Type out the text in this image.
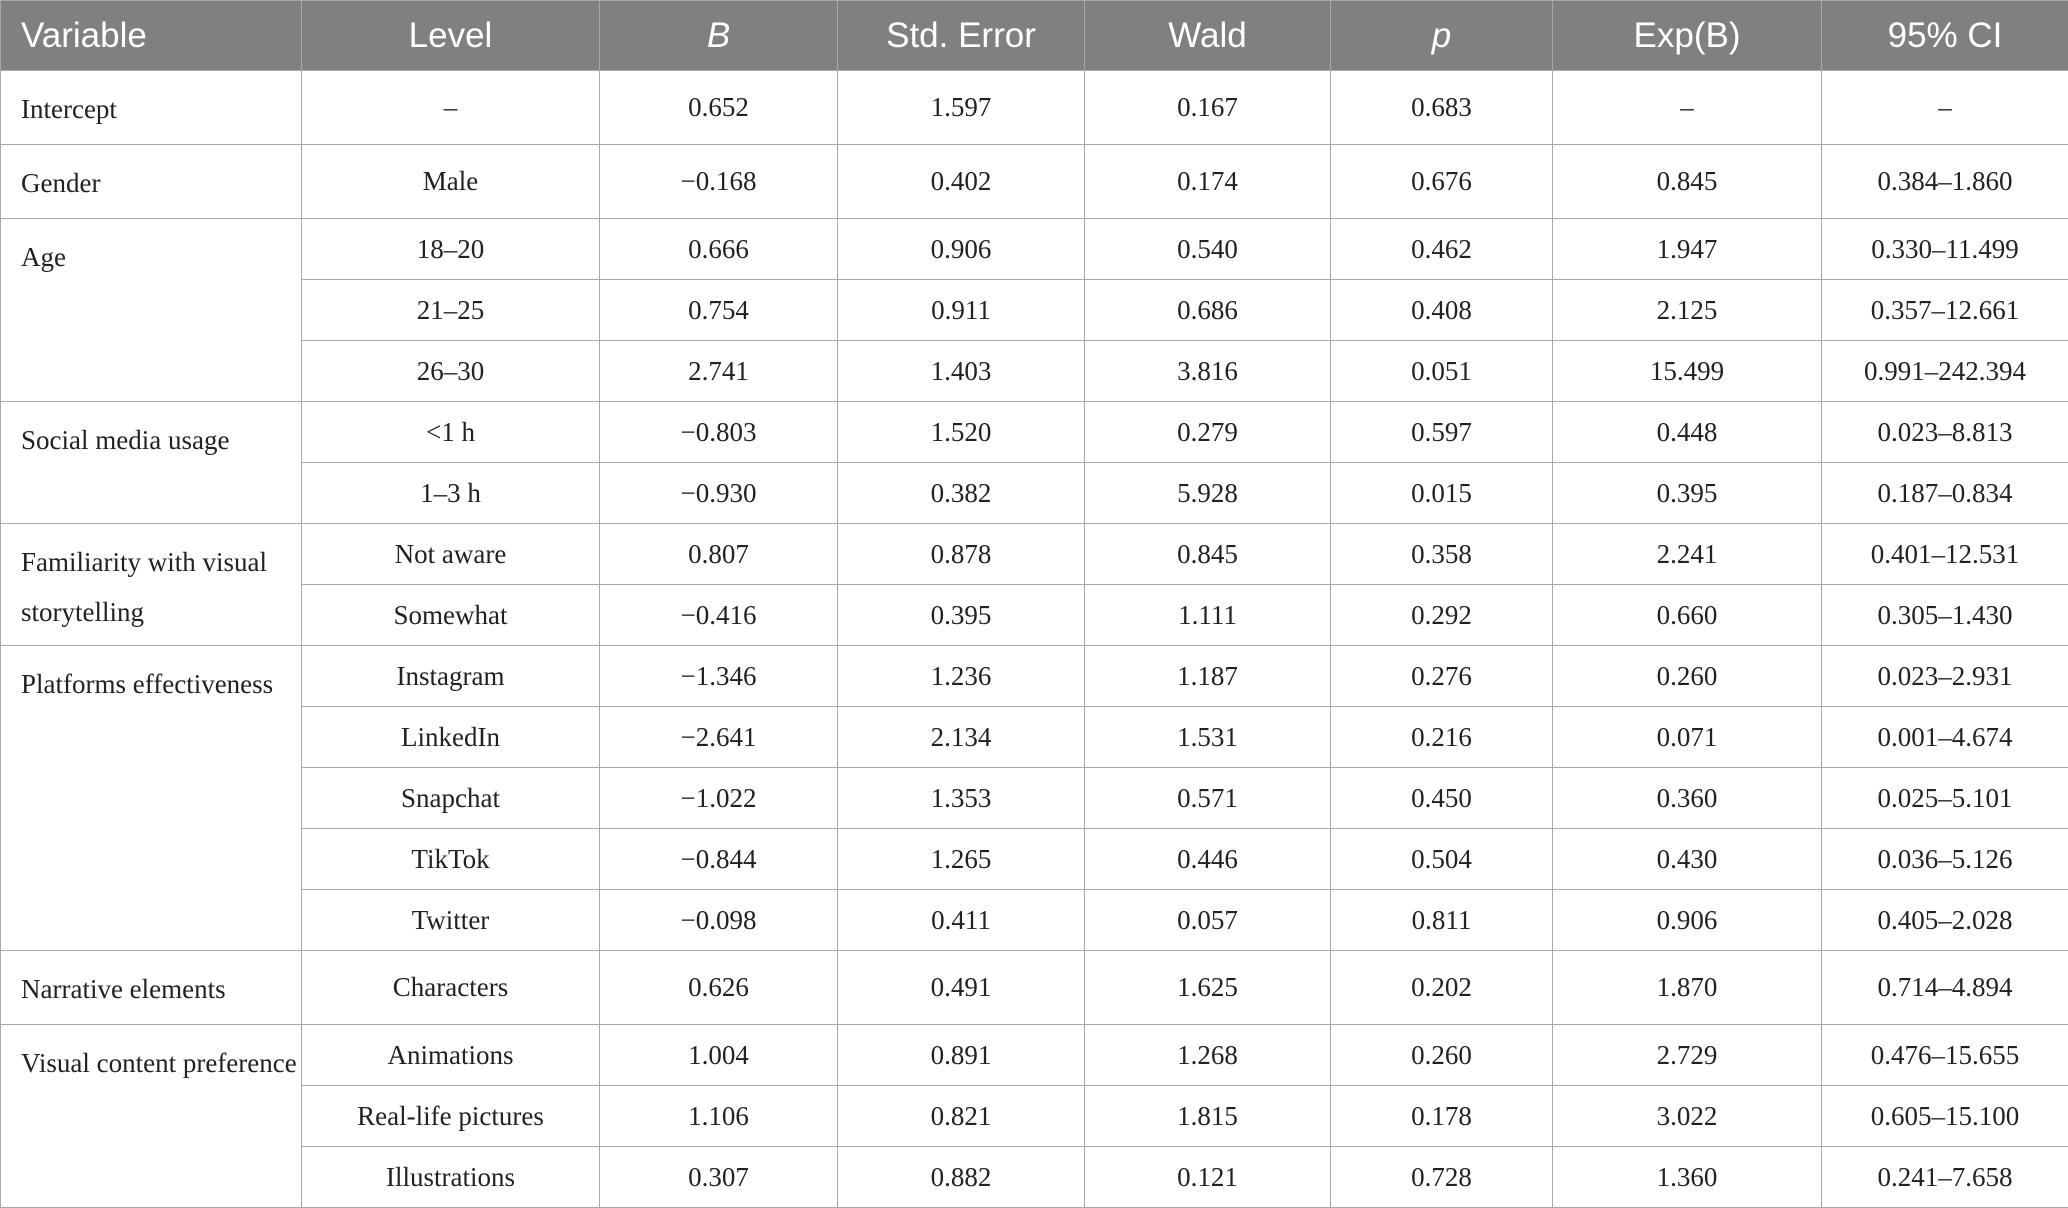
Variable	Level	B	Std. Error	Wald	p	Exp(B)	95% CI
Intercept	–	0.652	1.597	0.167	0.683	–	–
Gender	Male	−0.168	0.402	0.174	0.676	0.845	0.384–1.860
Age	18–20	0.666	0.906	0.540	0.462	1.947	0.330–11.499
	21–25	0.754	0.911	0.686	0.408	2.125	0.357–12.661
	26–30	2.741	1.403	3.816	0.051	15.499	0.991–242.394
Social media usage	<1 h	−0.803	1.520	0.279	0.597	0.448	0.023–8.813
	1–3 h	−0.930	0.382	5.928	0.015	0.395	0.187–0.834
Familiarity with visual storytelling	Not aware	0.807	0.878	0.845	0.358	2.241	0.401–12.531
	Somewhat	−0.416	0.395	1.111	0.292	0.660	0.305–1.430
Platforms effectiveness	Instagram	−1.346	1.236	1.187	0.276	0.260	0.023–2.931
	LinkedIn	−2.641	2.134	1.531	0.216	0.071	0.001–4.674
	Snapchat	−1.022	1.353	0.571	0.450	0.360	0.025–5.101
	TikTok	−0.844	1.265	0.446	0.504	0.430	0.036–5.126
	Twitter	−0.098	0.411	0.057	0.811	0.906	0.405–2.028
Narrative elements	Characters	0.626	0.491	1.625	0.202	1.870	0.714–4.894
Visual content preference	Animations	1.004	0.891	1.268	0.260	2.729	0.476–15.655
	Real-life pictures	1.106	0.821	1.815	0.178	3.022	0.605–15.100
	Illustrations	0.307	0.882	0.121	0.728	1.360	0.241–7.658
